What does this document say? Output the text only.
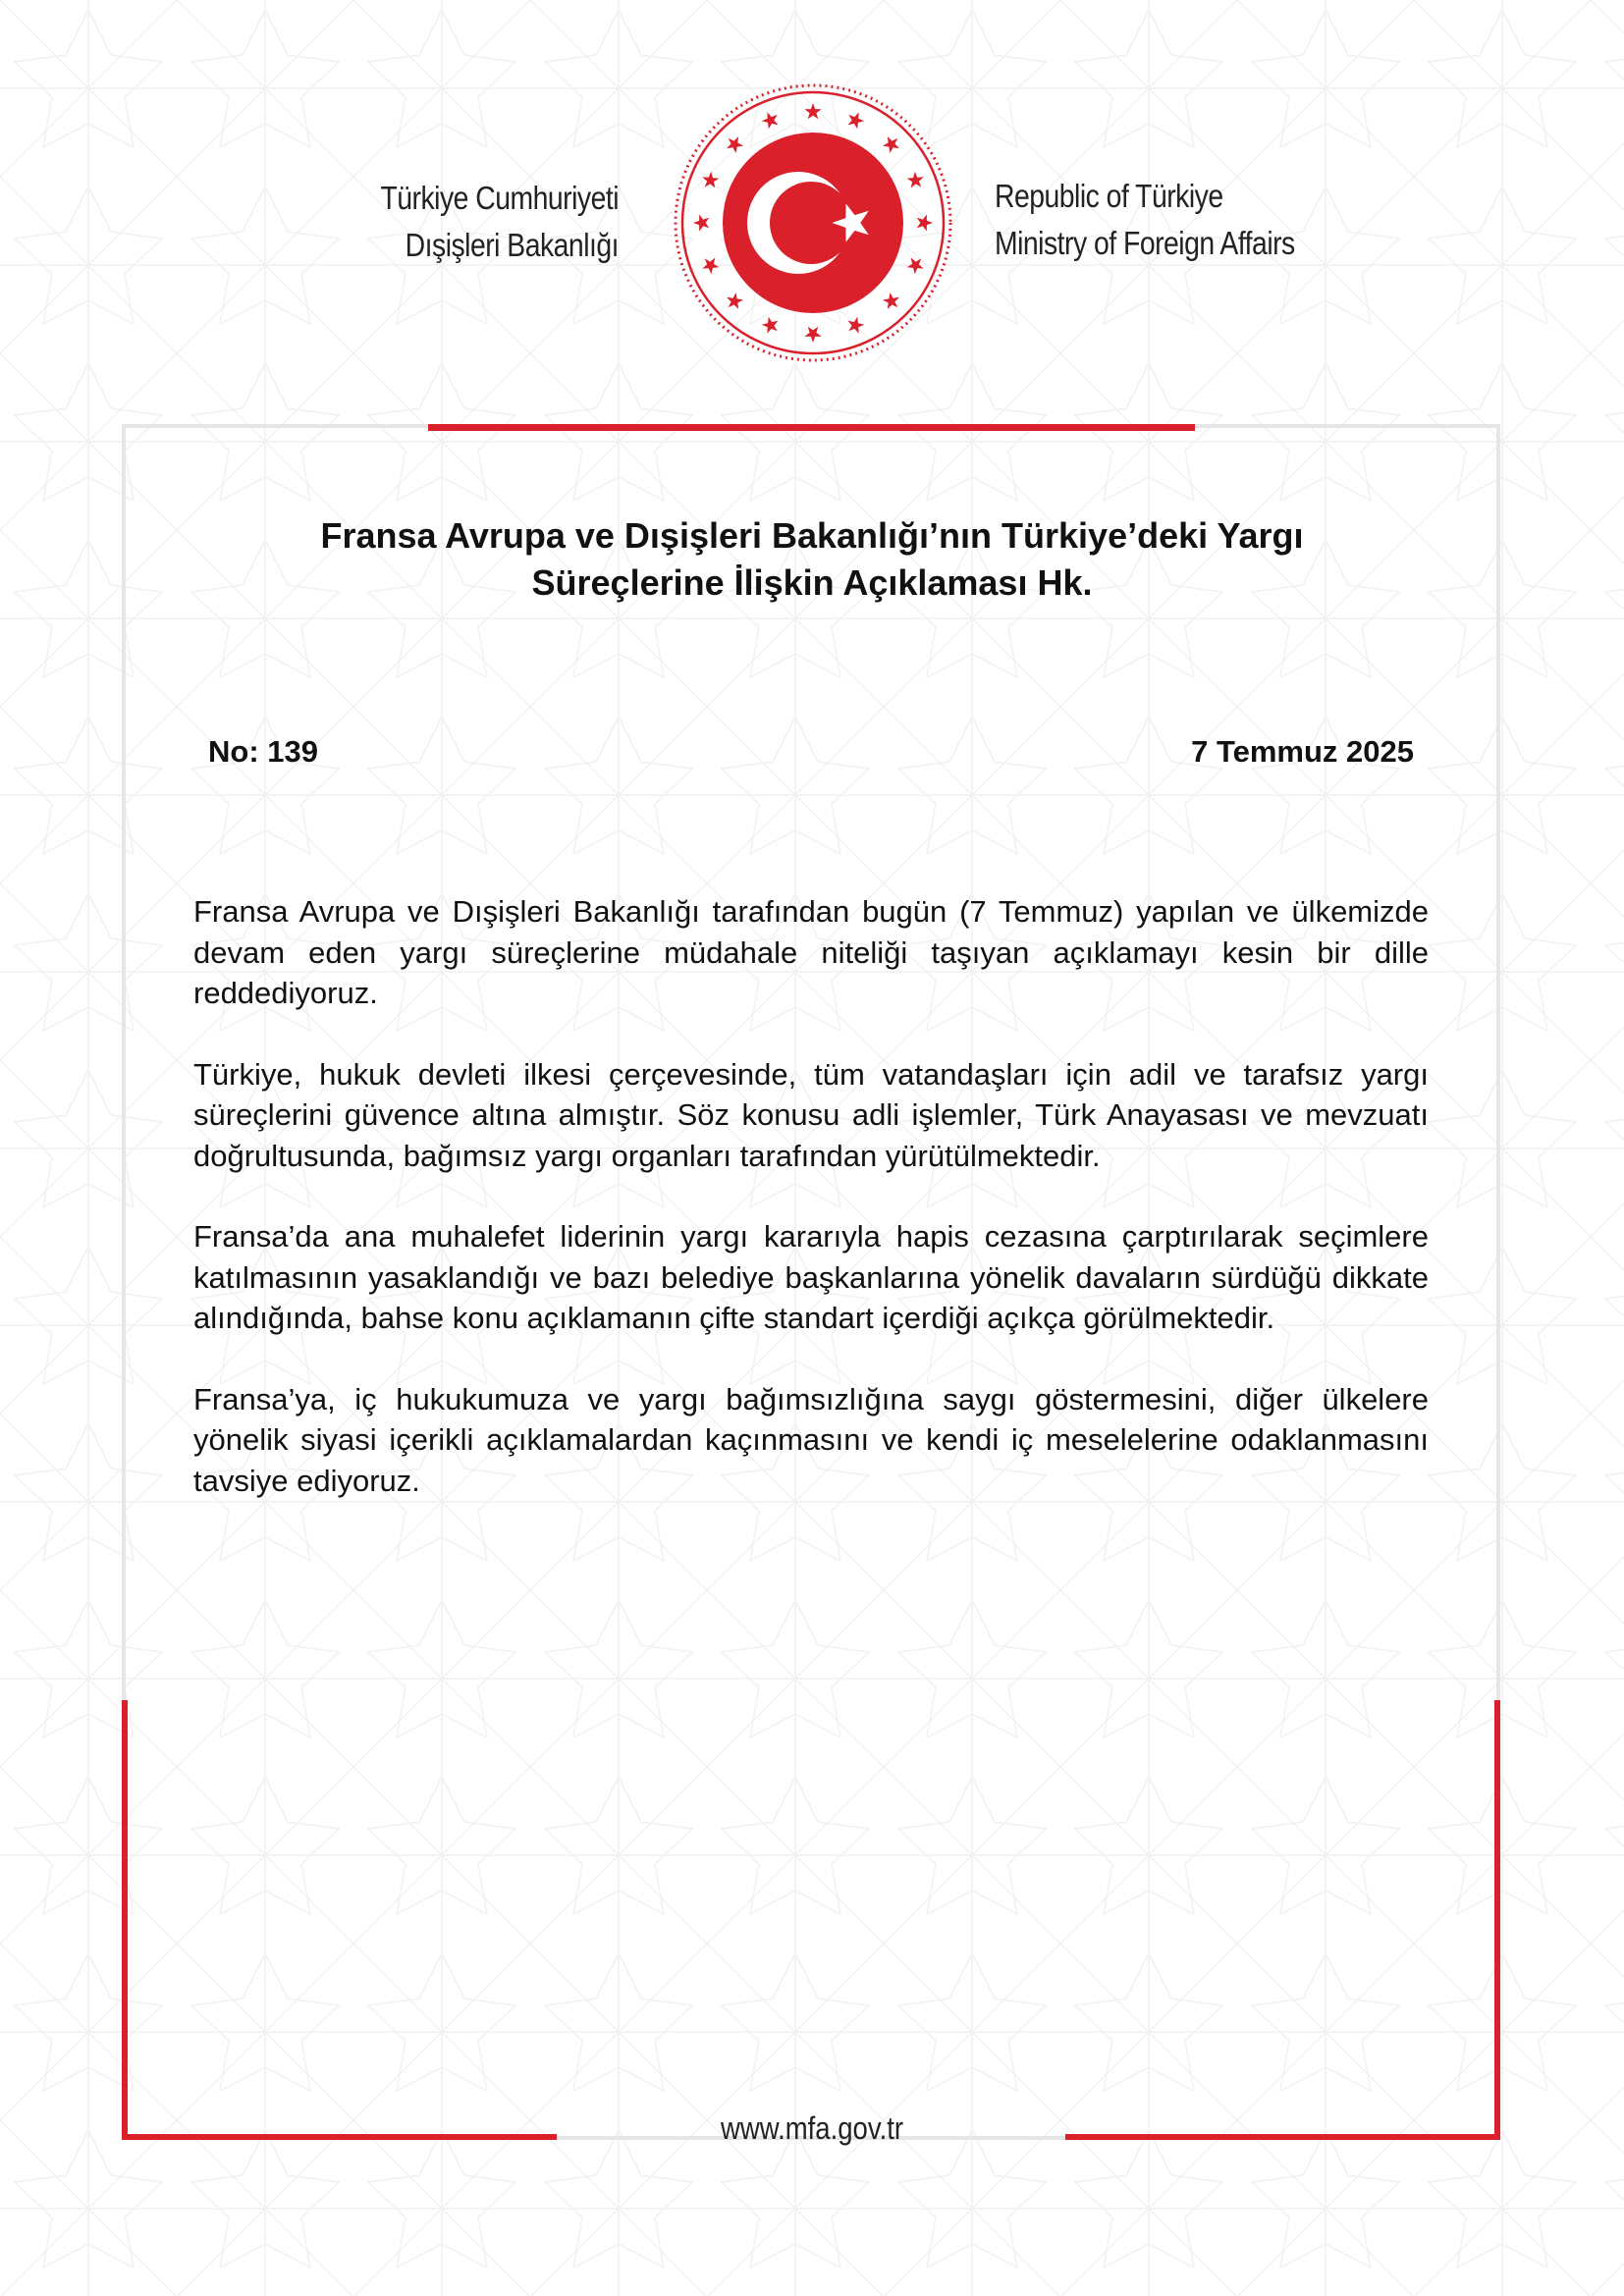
Türkiye Cumhuriyeti
Dışişleri Bakanlığı
Republic of Türkiye
Ministry of Foreign Affairs
Fransa Avrupa ve Dışişleri Bakanlığı’nın Türkiye’deki Yargı
Süreçlerine İlişkin Açıklaması Hk.
No: 139	7 Temmuz 2025

Fransa Avrupa ve Dışişleri Bakanlığı tarafından bugün (7 Temmuz) yapılan ve ülkemizde devam eden yargı süreçlerine müdahale niteliği taşıyan açıklamayı kesin bir dille reddediyoruz.

Türkiye, hukuk devleti ilkesi çerçevesinde, tüm vatandaşları için adil ve tarafsız yargı süreçlerini güvence altına almıştır. Söz konusu adli işlemler, Türk Anayasası ve mevzuatı doğrultusunda, bağımsız yargı organları tarafından yürütülmektedir.

Fransa’da ana muhalefet liderinin yargı kararıyla hapis cezasına çarptırılarak seçimlere katılmasının yasaklandığı ve bazı belediye başkanlarına yönelik davaların sürdüğü dikkate alındığında, bahse konu açıklamanın çifte standart içerdiği açıkça görülmektedir.

Fransa’ya, iç hukukumuza ve yargı bağımsızlığına saygı göstermesini, diğer ülkelere yönelik siyasi içerikli açıklamalardan kaçınmasını ve kendi iç meselelerine odaklanmasını tavsiye ediyoruz.

www.mfa.gov.tr
